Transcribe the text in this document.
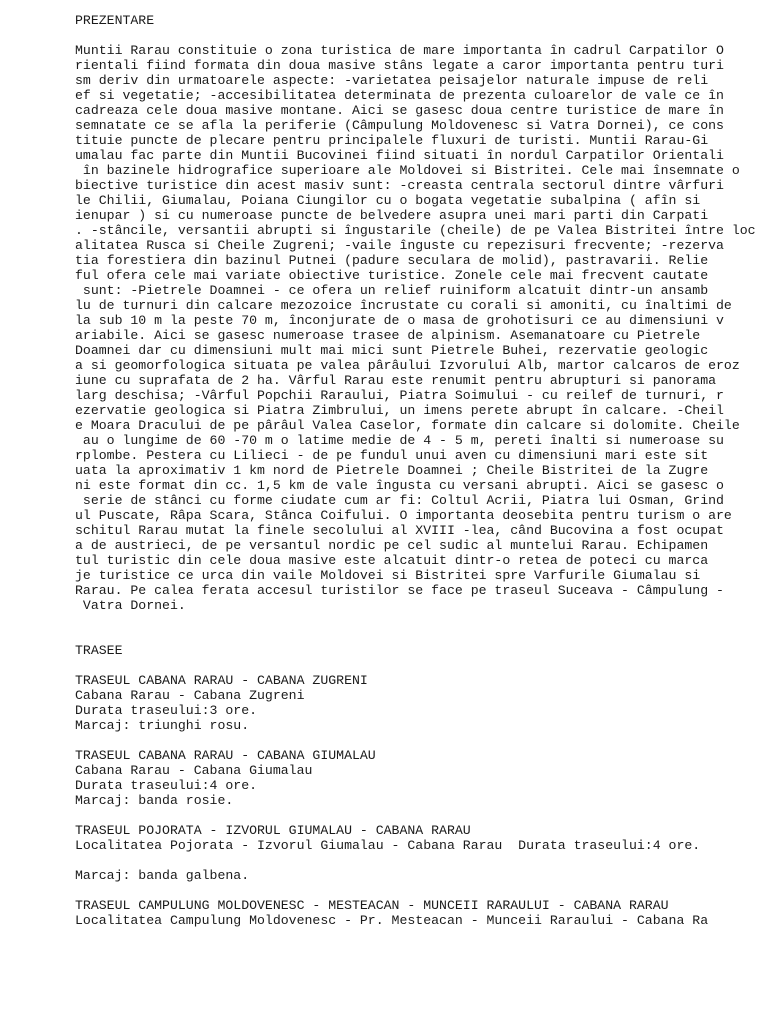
PREZENTARE
Muntii Rarau constituie o zona turistica de mare importanta în cadrul Carpatilor O
rientali fiind formata din doua masive stâns legate a caror importanta pentru turi
sm deriv din urmatoarele aspecte: -varietatea peisajelor naturale impuse de reli
ef si vegetatie; -accesibilitatea determinata de prezenta culoarelor de vale ce în
cadreaza cele doua masive montane. Aici se gasesc doua centre turistice de mare în
semnatate ce se afla la periferie (Câmpulung Moldovenesc si Vatra Dornei), ce cons
tituie puncte de plecare pentru principalele fluxuri de turisti. Muntii Rarau-Gi
umalau fac parte din Muntii Bucovinei fiind situati în nordul Carpatilor Orientali
în bazinele hidrografice superioare ale Moldovei si Bistritei. Cele mai însemnate o
biective turistice din acest masiv sunt: -creasta centrala sectorul dintre vârfuri
le Chilii, Giumalau, Poiana Ciungilor cu o bogata vegetatie subalpina ( afîn si
ienupar ) si cu numeroase puncte de belvedere asupra unei mari parti din Carpati
. -stâncile, versantii abrupti si îngustarile (cheile) de pe Valea Bistritei între loc
alitatea Rusca si Cheile Zugreni; -vaile înguste cu repezisuri frecvente; -rezerva
tia forestiera din bazinul Putnei (padure seculara de molid), pastravarii. Relie
ful ofera cele mai variate obiective turistice. Zonele cele mai frecvent cautate
sunt: -Pietrele Doamnei - ce ofera un relief ruiniform alcatuit dintr-un ansamb
lu de turnuri din calcare mezozoice încrustate cu corali si amoniti, cu înaltimi de
la sub 10 m la peste 70 m, înconjurate de o masa de grohotisuri ce au dimensiuni v
ariabile. Aici se gasesc numeroase trasee de alpinism. Asemanatoare cu Pietrele
Doamnei dar cu dimensiuni mult mai mici sunt Pietrele Buhei, rezervatie geologic
a si geomorfologica situata pe valea pârâului Izvorului Alb, martor calcaros de eroz
iune cu suprafata de 2 ha. Vârful Rarau este renumit pentru abrupturi si panorama
larg deschisa; -Vârful Popchii Raraului, Piatra Soimului - cu reilef de turnuri, r
ezervatie geologica si Piatra Zimbrului, un imens perete abrupt în calcare. -Cheil
e Moara Dracului de pe pârâul Valea Caselor, formate din calcare si dolomite. Cheile
au o lungime de 60 -70 m o latime medie de 4 - 5 m, pereti înalti si numeroase su
rplombe. Pestera cu Lilieci - de pe fundul unui aven cu dimensiuni mari este sit
uata la aproximativ 1 km nord de Pietrele Doamnei ; Cheile Bistritei de la Zugre
ni este format din cc. 1,5 km de vale îngusta cu versani abrupti. Aici se gasesc o
serie de stânci cu forme ciudate cum ar fi: Coltul Acrii, Piatra lui Osman, Grind
ul Puscate, Râpa Scara, Stânca Coifului. O importanta deosebita pentru turism o are
schitul Rarau mutat la finele secolului al XVIII -lea, când Bucovina a fost ocupat
a de austrieci, de pe versantul nordic pe cel sudic al muntelui Rarau. Echipamen
tul turistic din cele doua masive este alcatuit dintr-o retea de poteci cu marca
je turistice ce urca din vaile Moldovei si Bistritei spre Varfurile Giumalau si
Rarau. Pe calea ferata accesul turistilor se face pe traseul Suceava - Câmpulung -
Vatra Dornei.
TRASEE
TRASEUL CABANA RARAU - CABANA ZUGRENI
Cabana Rarau - Cabana Zugreni
Durata traseului:3 ore.
Marcaj: triunghi rosu.
TRASEUL CABANA RARAU - CABANA GIUMALAU
Cabana Rarau - Cabana Giumalau
Durata traseului:4 ore.
Marcaj: banda rosie.
TRASEUL POJORATA - IZVORUL GIUMALAU - CABANA RARAU
Localitatea Pojorata - Izvorul Giumalau - Cabana Rarau  Durata traseului:4 ore.
Marcaj: banda galbena.
TRASEUL CAMPULUNG MOLDOVENESC - MESTEACAN - MUNCEII RARAULUI - CABANA RARAU
Localitatea Campulung Moldovenesc - Pr. Mesteacan - Munceii Raraului - Cabana Ra
